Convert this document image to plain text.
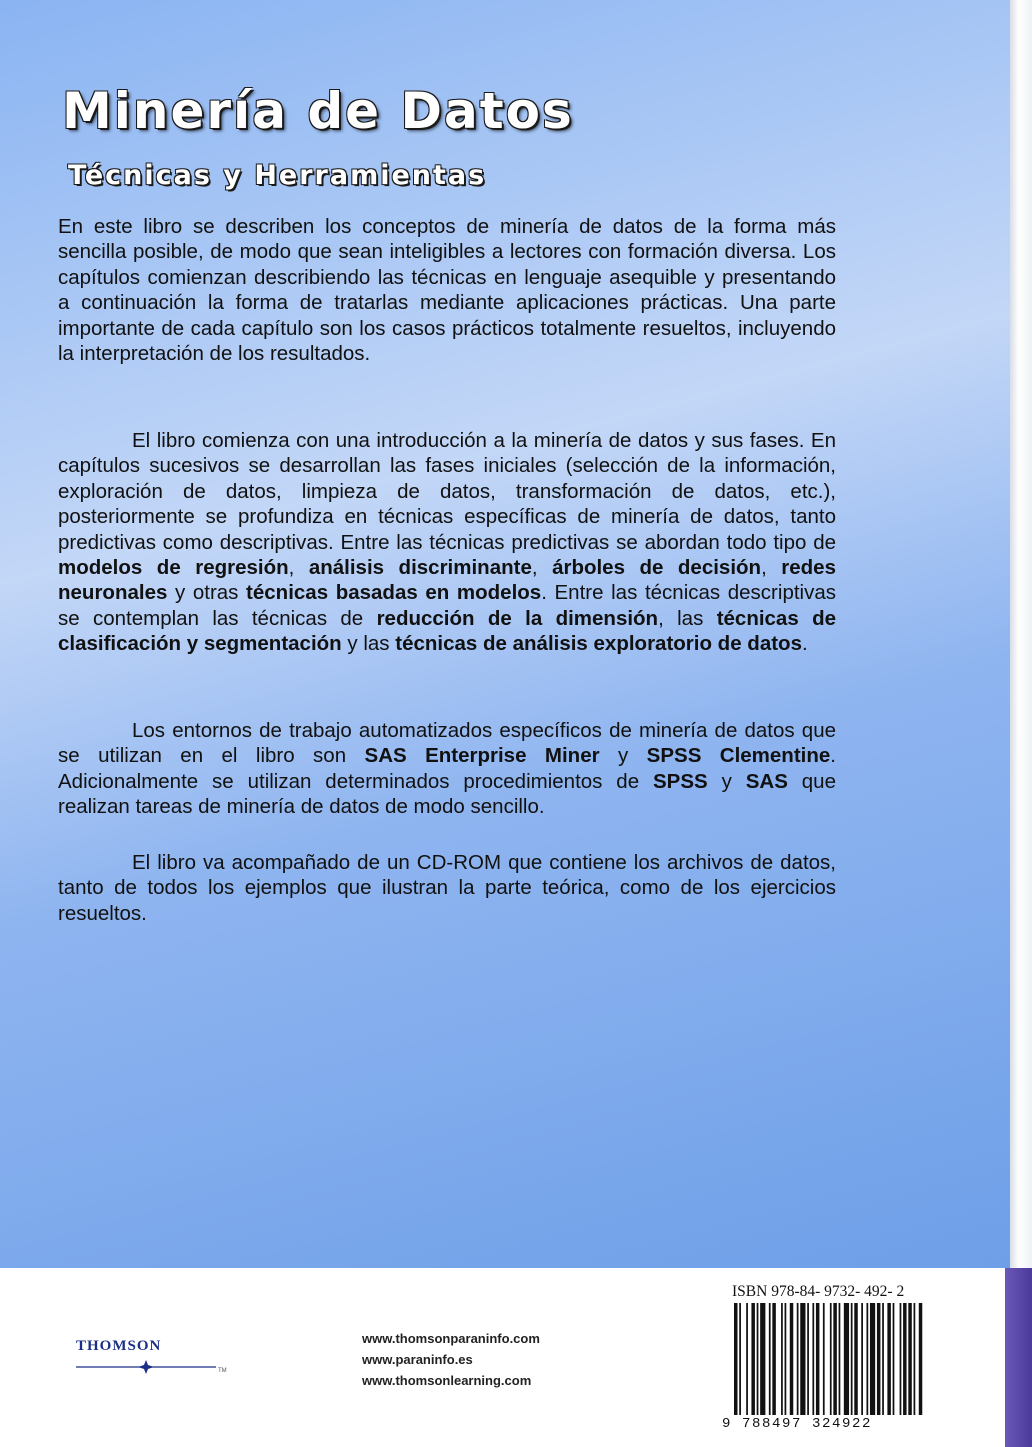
Minería de Datos
Técnicas y Herramientas

En este libro se describen los conceptos de minería de datos de la forma más sencilla posible, de modo que sean inteligibles a lectores con formación diversa. Los capítulos comienzan describiendo las técnicas en lenguaje asequible y presentando a continuación la forma de tratarlas mediante aplicaciones prácticas. Una parte importante de cada capítulo son los casos prácticos totalmente resueltos, incluyendo la interpretación de los resultados.

El libro comienza con una introducción a la minería de datos y sus fases. En capítulos sucesivos se desarrollan las fases iniciales (selección de la información, exploración de datos, limpieza de datos, transformación de datos, etc.), posteriormente se profundiza en técnicas específicas de minería de datos, tanto predictivas como descriptivas. Entre las técnicas predictivas se abordan todo tipo de modelos de regresión, análisis discriminante, árboles de decisión, redes neuronales y otras técnicas basadas en modelos. Entre las técnicas descriptivas se contemplan las técnicas de reducción de la dimensión, las técnicas de clasificación y segmentación y las técnicas de análisis exploratorio de datos.

Los entornos de trabajo automatizados específicos de minería de datos que se utilizan en el libro son SAS Enterprise Miner y SPSS Clementine. Adicionalmente se utilizan determinados procedimientos de SPSS y SAS que realizan tareas de minería de datos de modo sencillo.

El libro va acompañado de un CD-ROM que contiene los archivos de datos, tanto de todos los ejemplos que ilustran la parte teórica, como de los ejercicios resueltos.

THOMSON
TM
www.thomsonparaninfo.com
www.paraninfo.es
www.thomsonlearning.com
ISBN 978-84- 9732- 492- 2
9 788497 324922
